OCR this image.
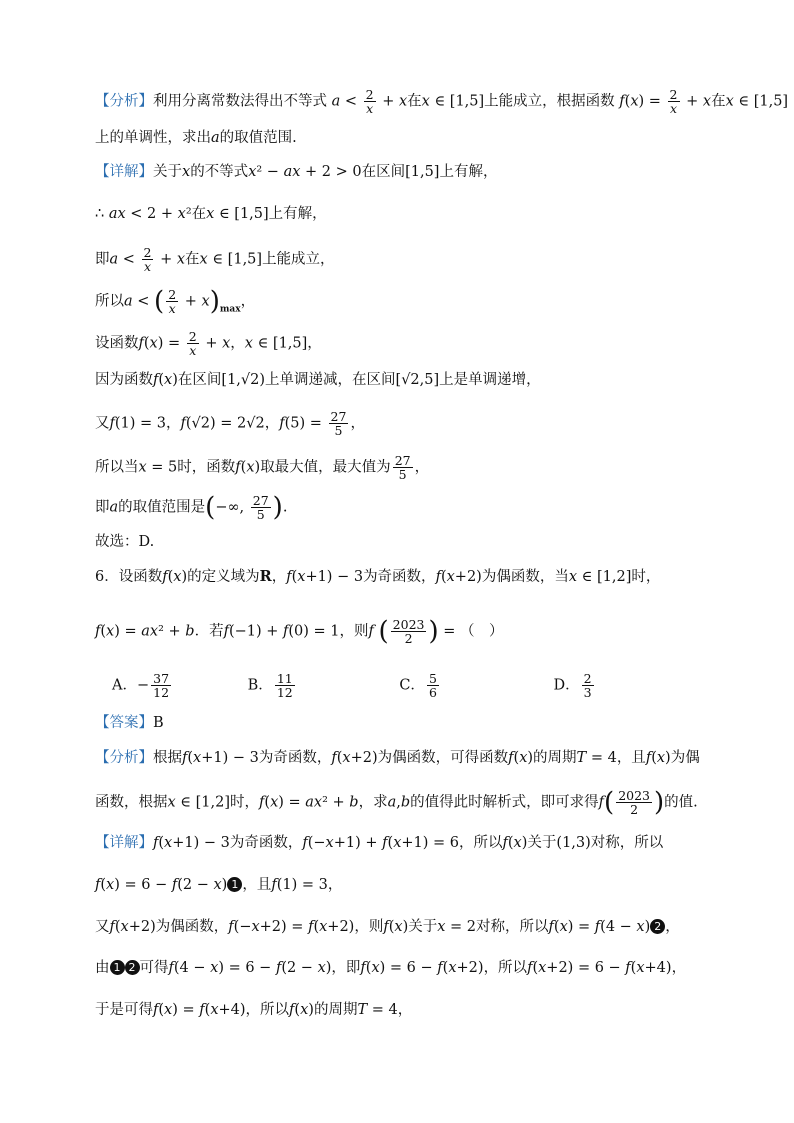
【分析】利用分离常数法得出不等式 $a < \frac{2}{x} + x$在x ∈ [1,5]上能成立，根据函数 $f(x) = \frac{2}{x} + x$在x ∈ [1,5]
上的单调性，求出a的取值范围.
【详解】关于x的不等式x² − ax + 2 > 0在区间[1,5]上有解，
∴ ax < 2 + x²在x ∈ [1,5]上有解，
即$a < \frac{2}{x} + x$在x ∈ [1,5]上能成立，
所以a < ( $\frac{2}{x} + x)_{max}$，
设函数$f(x) = \frac{2}{x} + x$，x ∈ [1,5]，
因为函数f(x)在区间[1,√2)上单调递减，在区间[√2,5]上是单调递增，
又f(1) = 3，f(√2) = 2√2，$f(5) = \frac{27}{5}$ ，
所以当x = 5时，函数f(x)取最大值，最大值为 $\frac{27}{5}$ ，
即a的取值范围是(−∞, $\frac{27}{5}$ ).
故选：D.
6．设函数f(x)的定义域为R，f(x+1) − 3为奇函数，f(x+2)为偶函数，当x ∈ [1,2]时，
f(x) = ax² + b．若f(−1) + f(0) = 1，则f ( $\frac{2023}{2}$ ) = （　）
A．− $\frac{37}{12}$	B． $\frac{11}{12}$	C． $\frac{5}{6}$	D． $\frac{2}{3}$
【答案】B
【分析】根据f(x+1) − 3为奇函数，f(x+2)为偶函数，可得函数f(x)的周期T = 4，且f(x)为偶
函数，根据x ∈ [1,2]时，f(x) = ax² + b，求a,b的值得此时解析式，即可求得$f( \frac{2023}{2}$ )的值.
【详解】f(x+1) − 3为奇函数，f(−x+1) + f(x+1) = 6，所以f(x)关于(1,3)对称，所以
f(x) = 6 − f(2 − x) 1 ，且f(1) = 3，
又f(x+2)为偶函数，f(−x+2) = f(x+2)，则f(x)关于x = 2对称，所以f(x) = f(4 − x) 2 ，
由 1 2 可得f(4 − x) = 6 − f(2 − x)，即f(x) = 6 − f(x+2)，所以f(x+2) = 6 − f(x+4)，
于是可得f(x) = f(x+4)，所以f(x)的周期T = 4，
